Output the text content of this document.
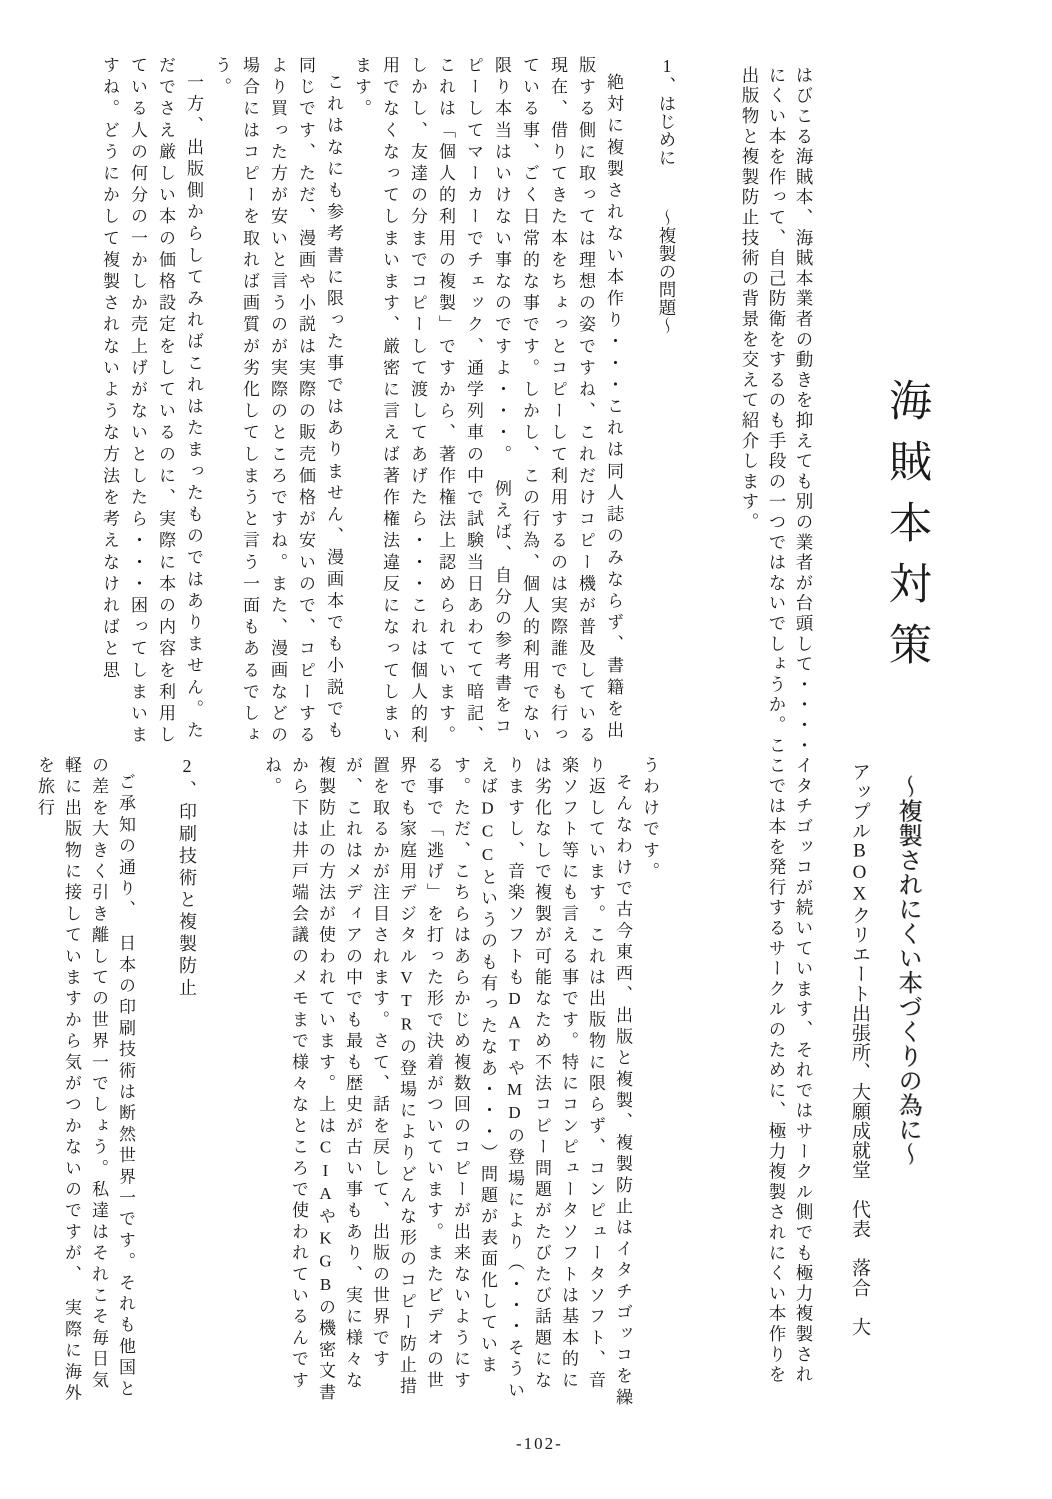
海賊本対策
〜複製されにくい本づくりの為に〜
アップルBOXクリエート出張所、大願成就堂　代表　落合　大

はびこる海賊本、海賊本業者の動きを抑えても別の業者が台頭して・・・・イタチゴッコが続いています、それではサークル側でも極力複製されにくい本を作って、自己防衛をするのも手段の一つではないでしょうか。ここでは本を発行するサークルのために、極力複製されにくい本作りを出版物と複製防止技術の背景を交えて紹介します。

1、はじめに〜複製の問題〜

絶対に複製されない本作り・・・これは同人誌のみならず、書籍を出版する側に取っては理想の姿ですね、これだけコピー機が普及している現在、借りてきた本をちょっとコピーして利用するのは実際誰でも行っている事、ごく日常的な事です。しかし、この行為、個人的利用でない限り本当はいけない事なのですよ・・・。　例えば、自分の参考書をコピーしてマーカーでチェック、通学列車の中で試験当日あわてて暗記、これは「個人的利用の複製」ですから、著作権法上認められています。しかし、友達の分までコピーして渡してあげたら・・・これは個人的利用でなくなってしまいます、厳密に言えば著作権法違反になってしまいます。

これはなにも参考書に限った事ではありません、漫画本でも小説でも同じです、ただ、漫画や小説は実際の販売価格が安いので、コピーするより買った方が安いと言うのが実際のところですね。また、漫画などの場合にはコピーを取れば画質が劣化してしまうと言う一面もあるでしょう。

一方、出版側からしてみればこれはたまったものではありません。ただでさえ厳しい本の価格設定をしているのに、実際に本の内容を利用している人の何分の一かしか売上げがないとしたら・・・困ってしまいますね。どうにかして複製されないような方法を考えなければと思

うわけです。

そんなわけで古今東西、出版と複製、複製防止はイタチゴッコを繰り返しています。これは出版物に限らず、コンピュータソフト、音楽ソフト等にも言える事です。特にコンピュータソフトは基本的には劣化なしで複製が可能なため不法コピー問題がたびたび話題になりますし、音楽ソフトもDATやMDの登場により（・・・そういえばDCCというのも有ったなあ・・・）問題が表面化しています。ただ、こちらはあらかじめ複数回のコピーが出来ないようにする事で「逃げ」を打った形で決着がついています。またビデオの世界でも家庭用デジタルVTRの登場によりどんな形のコピー防止措置を取るかが注目されます。さて、話を戻して、出版の世界ですが、これはメディアの中でも最も歴史が古い事もあり、実に様々な複製防止の方法が使われています。上はCIAやKGBの機密文書から下は井戸端会議のメモまで様々なところで使われているんですね。

2、印刷技術と複製防止

ご承知の通り、　日本の印刷技術は断然世界一です。それも他国との差を大きく引き離しての世界一でしょう。私達はそれこそ毎日気軽に出版物に接していますから気がつかないのですが、　実際に海外を旅行

-102-
